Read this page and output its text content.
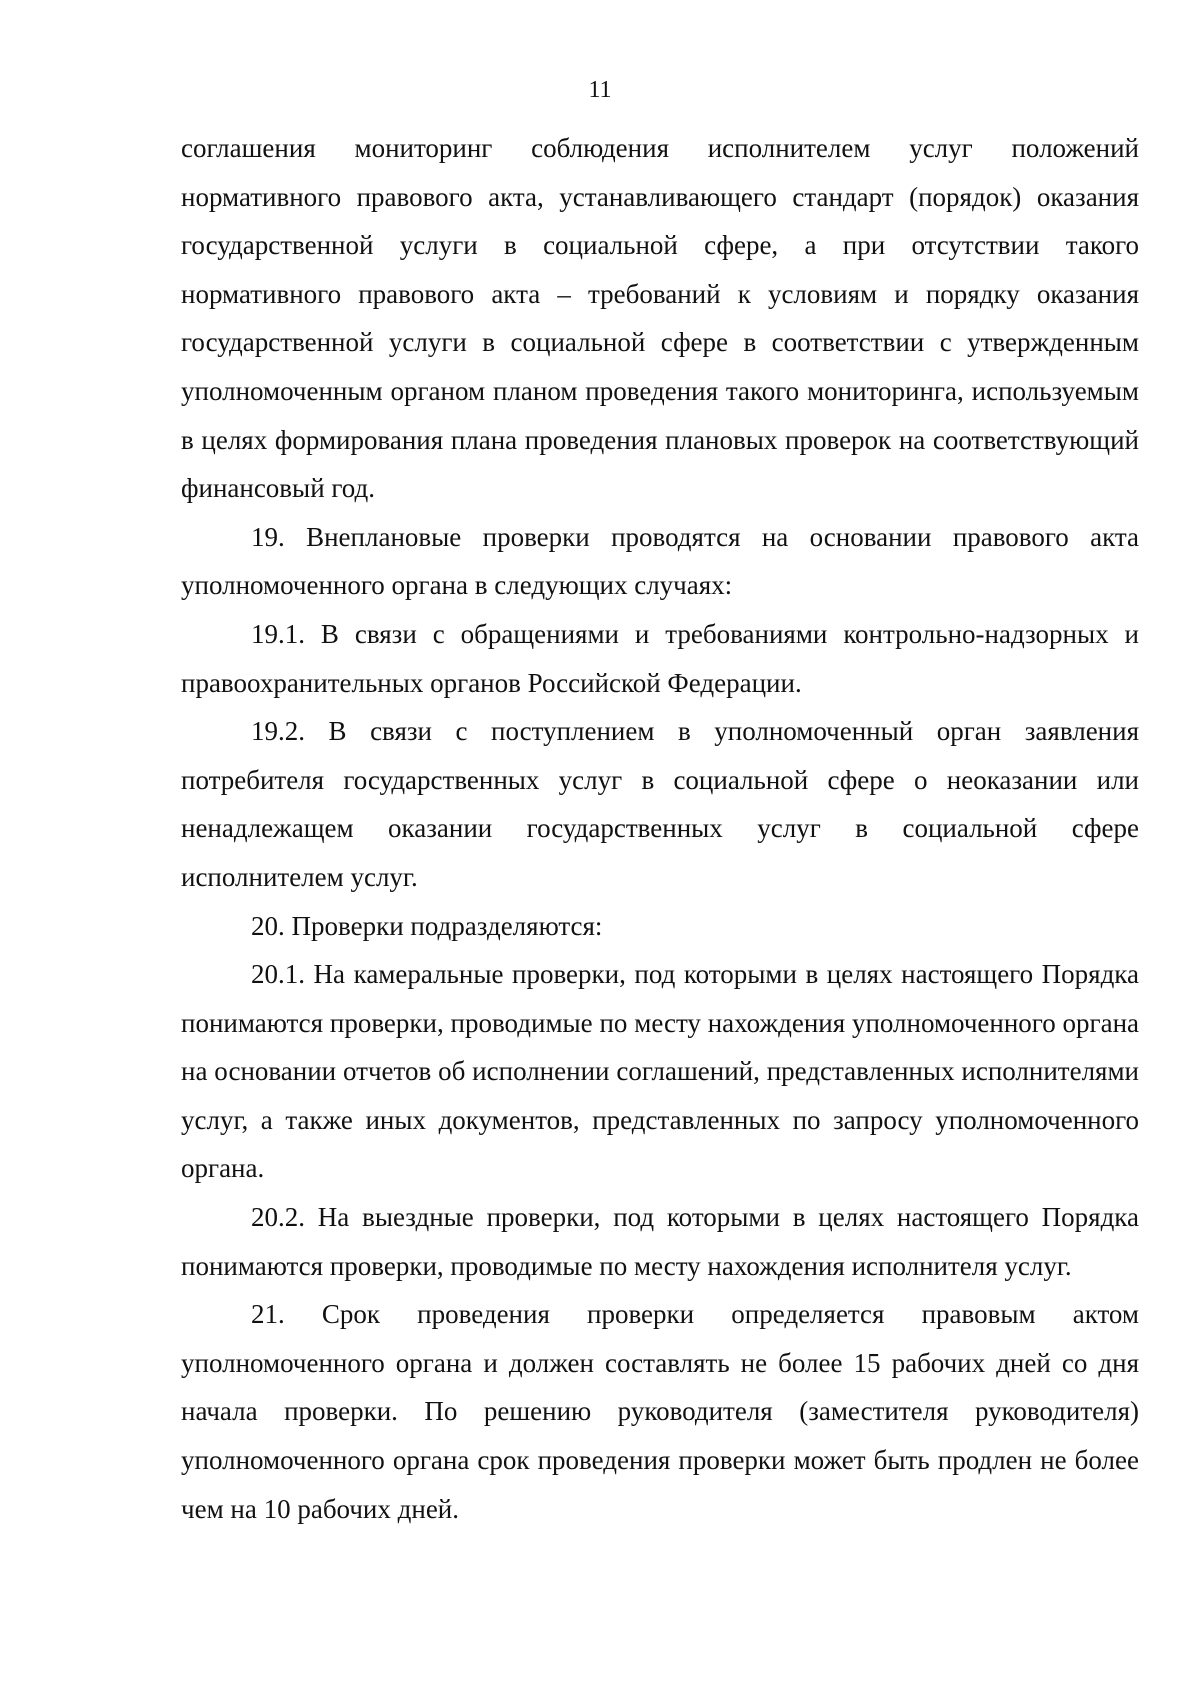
11

соглашения мониторинг соблюдения исполнителем услуг положений нормативного правового акта, устанавливающего стандарт (порядок) оказания государственной услуги в социальной сфере, а при отсутствии такого нормативного правового акта – требований к условиям и порядку оказания государственной услуги в социальной сфере в соответствии с утвержденным уполномоченным органом планом проведения такого мониторинга, используемым в целях формирования плана проведения плановых проверок на соответствующий финансовый год.

19. Внеплановые проверки проводятся на основании правового акта уполномоченного органа в следующих случаях:

19.1. В связи с обращениями и требованиями контрольно-надзорных и правоохранительных органов Российской Федерации.

19.2. В связи с поступлением в уполномоченный орган заявления потребителя государственных услуг в социальной сфере о неоказании или ненадлежащем оказании государственных услуг в социальной сфере исполнителем услуг.

20. Проверки подразделяются:

20.1. На камеральные проверки, под которыми в целях настоящего Порядка понимаются проверки, проводимые по месту нахождения уполномоченного органа на основании отчетов об исполнении соглашений, представленных исполнителями услуг, а также иных документов, представленных по запросу уполномоченного органа.

20.2. На выездные проверки, под которыми в целях настоящего Порядка понимаются проверки, проводимые по месту нахождения исполнителя услуг.

21. Срок проведения проверки определяется правовым актом уполномоченного органа и должен составлять не более 15 рабочих дней со дня начала проверки. По решению руководителя (заместителя руководителя) уполномоченного органа срок проведения проверки может быть продлен не более чем на 10 рабочих дней.
